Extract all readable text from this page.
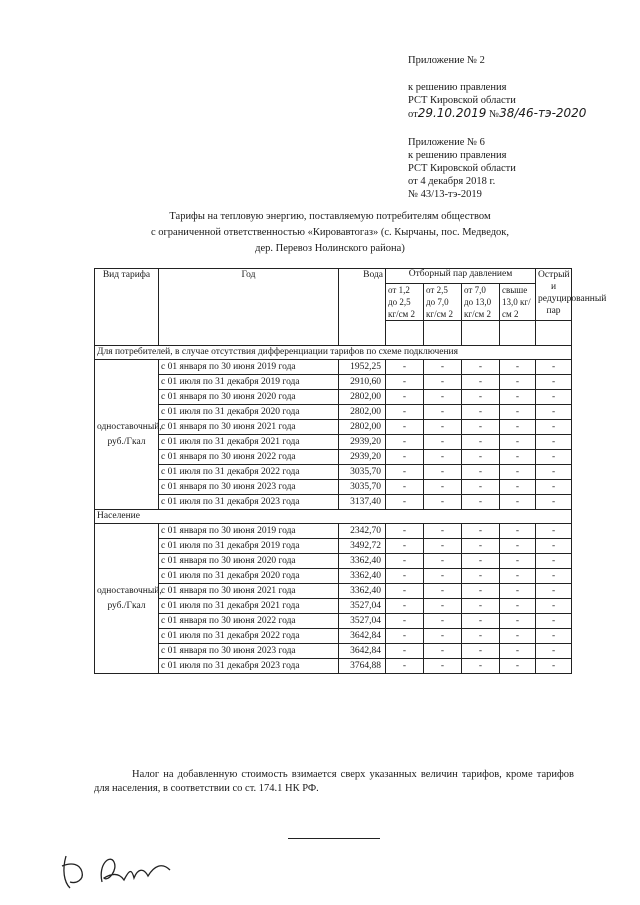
Приложение № 2
к решению правления
РСТ Кировской области
от29.10.2019 №38/46-тэ-2020
Приложение № 6
к решению правления
РСТ Кировской области
от 4 декабря 2018 г.
№ 43/13-тэ-2019
Тарифы на тепловую энергию, поставляемую потребителям обществом
с ограниченной ответственностью «Кировавтогаз» (с. Кырчаны, пос. Медведок,
дер. Перевоз Нолинского района)
Вид тарифа	Год	Вода	Отборный пар давлением				Острый и редуцированный пар
			от 1,2 до 2,5 кг/см 2	от 2,5 до 7,0 кг/см 2	от 7,0 до 13,0 кг/см 2	свыше 13,0 кг/см 2	

Для потребителей, в случае отсутствия дифференциации тарифов по схеме подключения							
одноставочный, руб./Гкал	с 01 января по 30 июня 2019 года	1952,25	-	-	-	-	-
	с 01 июля по 31 декабря 2019 года	2910,60	-	-	-	-	-
	с 01 января по 30 июня 2020 года	2802,00	-	-	-	-	-
	с 01 июля по 31 декабря 2020 года	2802,00	-	-	-	-	-
	с 01 января по 30 июня 2021 года	2802,00	-	-	-	-	-
	с 01 июля по 31 декабря 2021 года	2939,20	-	-	-	-	-
	с 01 января по 30 июня 2022 года	2939,20	-	-	-	-	-
	с 01 июля по 31 декабря 2022 года	3035,70	-	-	-	-	-
	с 01 января по 30 июня 2023 года	3035,70	-	-	-	-	-
	с 01 июля по 31 декабря 2023 года	3137,40	-	-	-	-	-
Население							
одноставочный, руб./Гкал	с 01 января по 30 июня 2019 года	2342,70	-	-	-	-	-
	с 01 июля по 31 декабря 2019 года	3492,72	-	-	-	-	-
	с 01 января по 30 июня 2020 года	3362,40	-	-	-	-	-
	с 01 июля по 31 декабря 2020 года	3362,40	-	-	-	-	-
	с 01 января по 30 июня 2021 года	3362,40	-	-	-	-	-
	с 01 июля по 31 декабря 2021 года	3527,04	-	-	-	-	-
	с 01 января по 30 июня 2022 года	3527,04	-	-	-	-	-
	с 01 июля по 31 декабря 2022 года	3642,84	-	-	-	-	-
	с 01 января по 30 июня 2023 года	3642,84	-	-	-	-	-
	с 01 июля по 31 декабря 2023 года	3764,88	-	-	-	-	-
Налог на добавленную стоимость взимается сверх указанных величин тарифов, кроме тарифов для населения, в соответствии со ст. 174.1 НК РФ.
